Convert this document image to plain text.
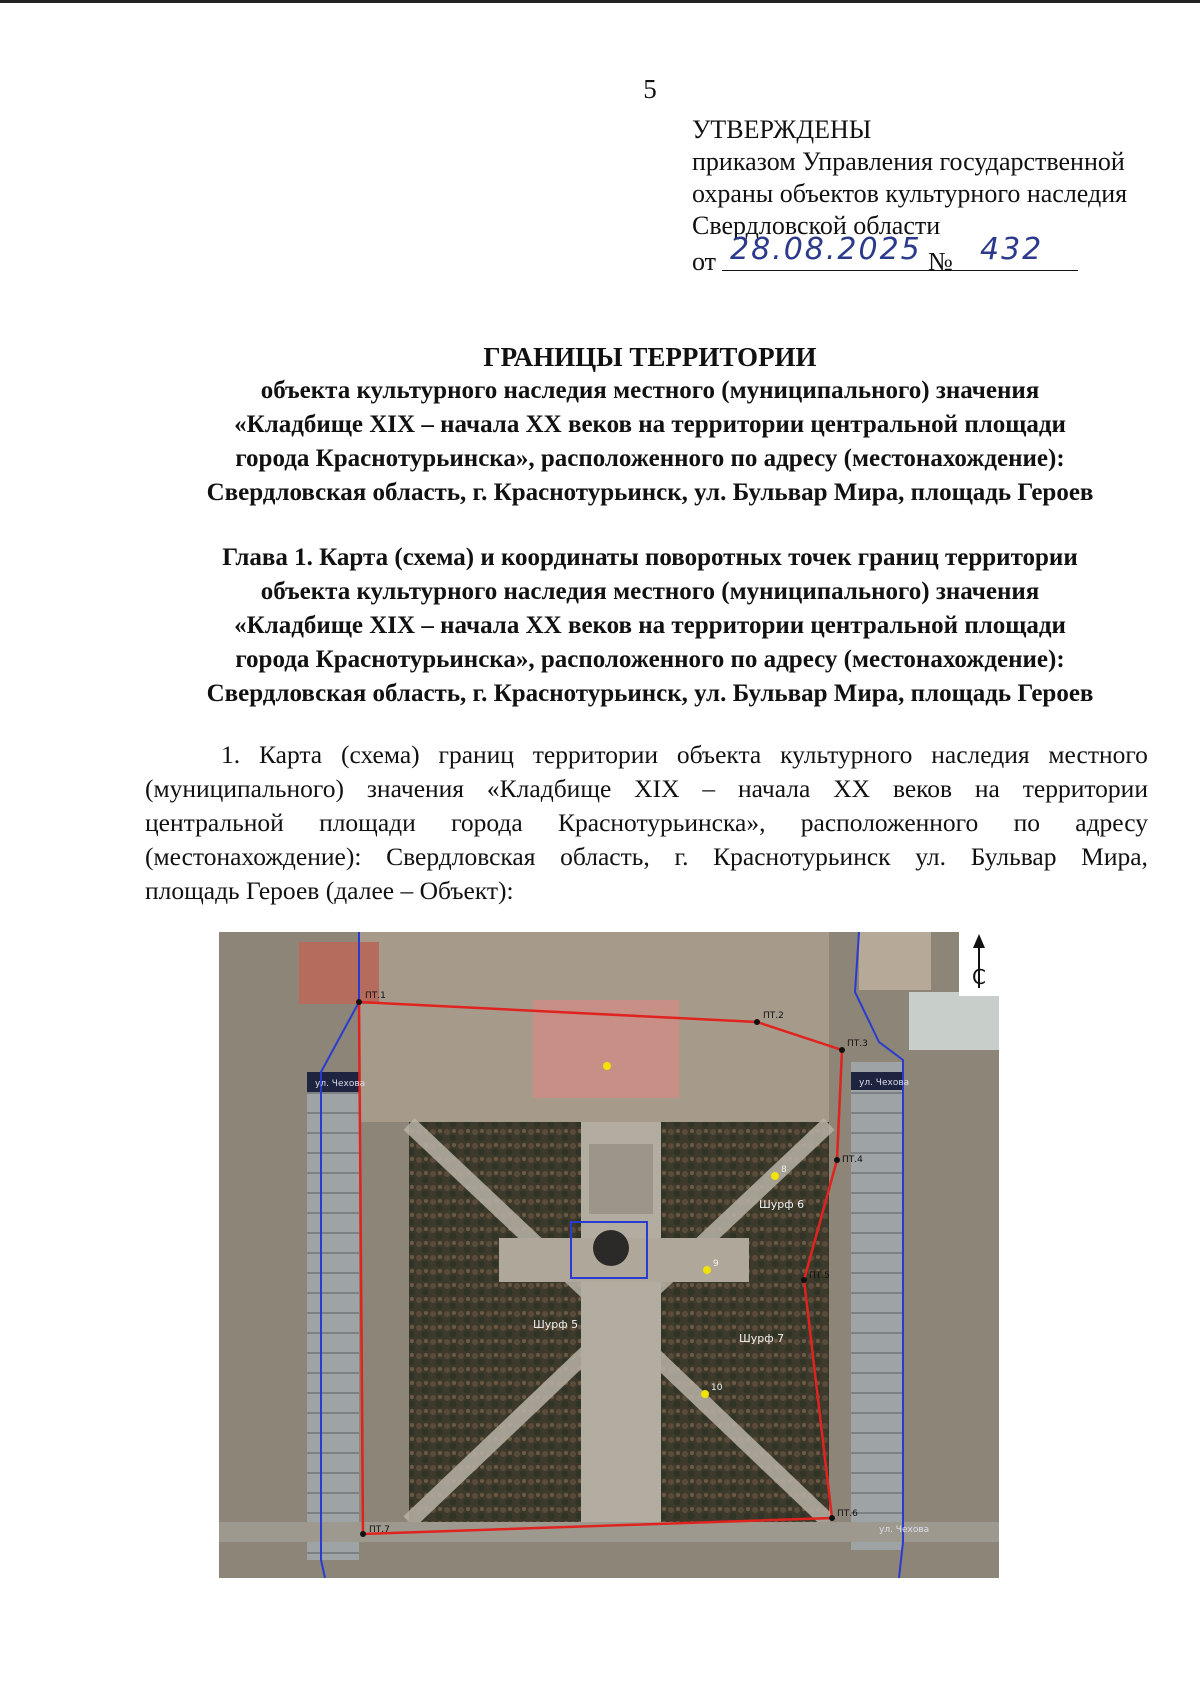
5
УТВЕРЖДЕНЫ
приказом Управления государственной
охраны объектов культурного наследия
Свердловской области
от 28.08.2025 № 432
ГРАНИЦЫ ТЕРРИТОРИИ
объекта культурного наследия местного (муниципального) значения
«Кладбище XIX – начала XX веков на территории центральной площади
города Краснотурьинска», расположенного по адресу (местонахождение):
Свердловская область, г. Краснотурьинск, ул. Бульвар Мира, площадь Героев
Глава 1. Карта (схема) и координаты поворотных точек границ территории
объекта культурного наследия местного (муниципального) значения
«Кладбище XIX – начала XX веков на территории центральной площади
города Краснотурьинска», расположенного по адресу (местонахождение):
Свердловская область, г. Краснотурьинск, ул. Бульвар Мира, площадь Героев
1. Карта (схема) границ территории объекта культурного наследия местного
(муниципального) значения «Кладбище XIX – начала XX веков на территории
центральной площади города Краснотурьинска», расположенного по адресу
(местонахождение): Свердловская область, г. Краснотурьинск ул. Бульвар Мира,
площадь Героев (далее – Объект):
ПТ.1
ПТ.2
ПТ.3
ПТ.4
ПТ.5
ПТ.6
ПТ.7
Шурф 6
Шурф 7
Шурф 5
8
9
10
ул. Чехова	ул. Чехова
ул. Чехова
С
